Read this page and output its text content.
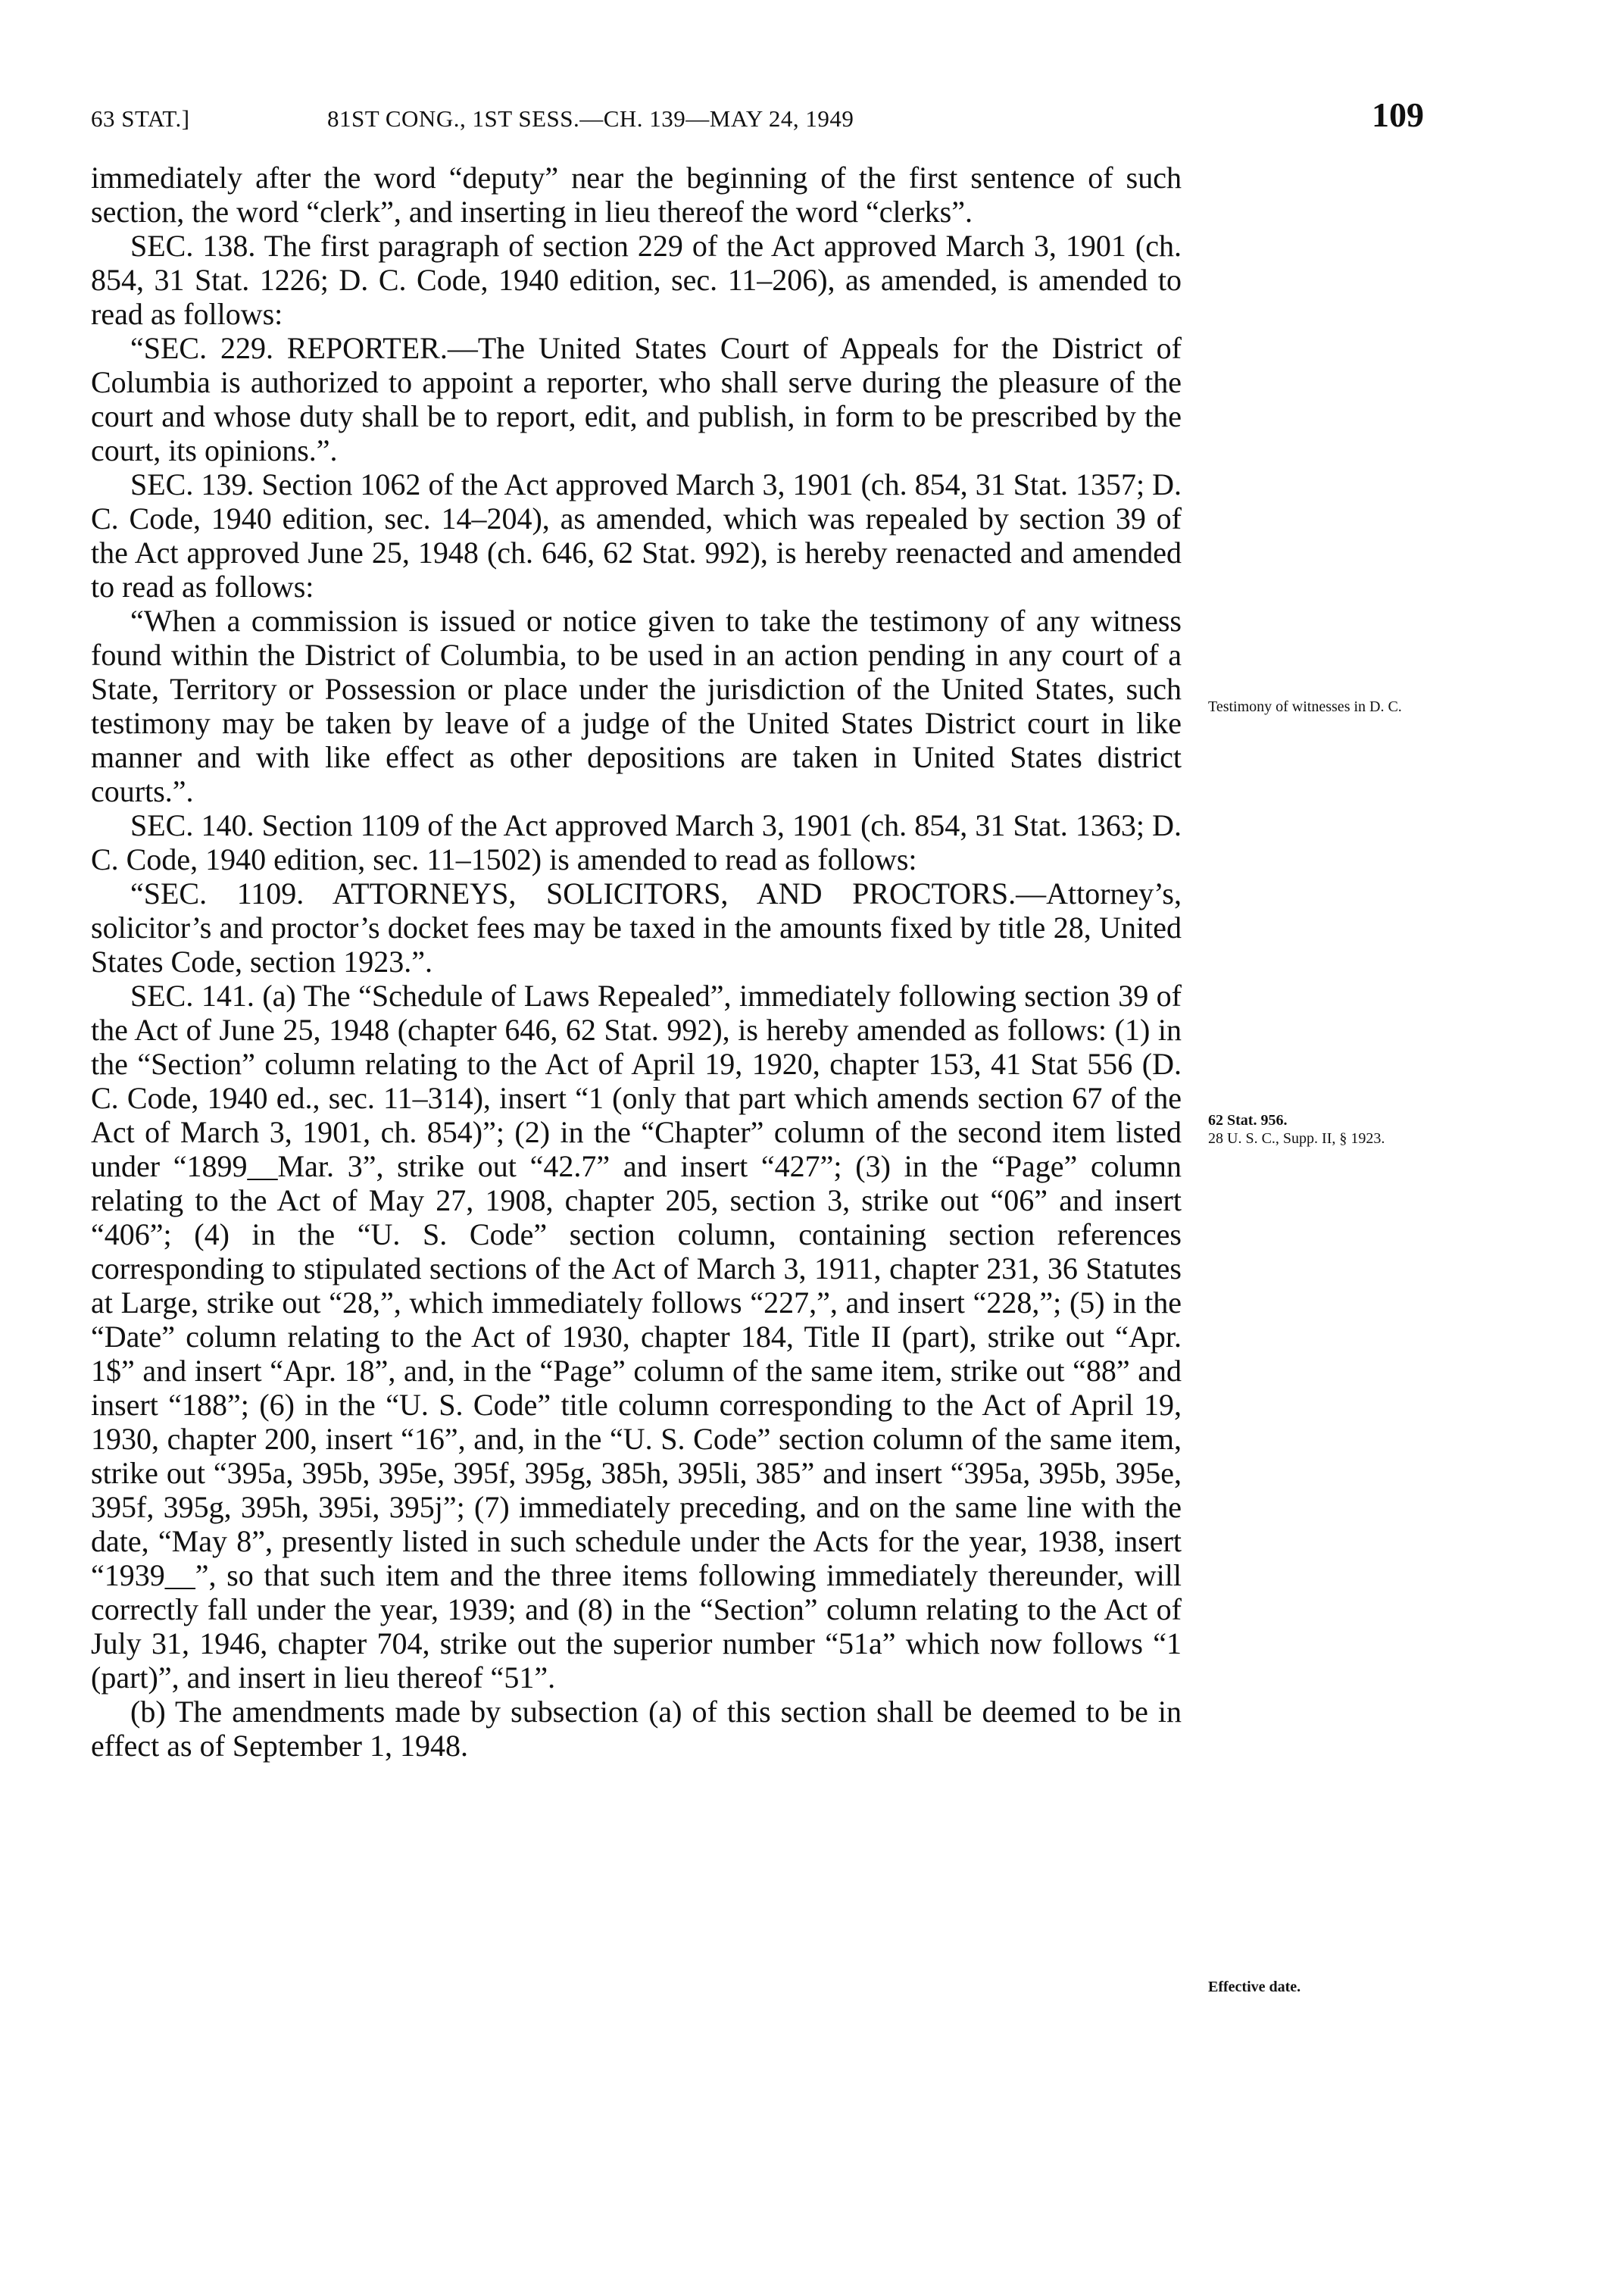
63 STAT.]	81ST CONG., 1ST SESS.—CH. 139—MAY 24, 1949	109

immediately after the word “deputy” near the beginning of the first sentence of such section, the word “clerk”, and inserting in lieu thereof the word “clerks”.

SEC. 138. The first paragraph of section 229 of the Act approved March 3, 1901 (ch. 854, 31 Stat. 1226; D. C. Code, 1940 edition, sec. 11–206), as amended, is amended to read as follows:

“SEC. 229. REPORTER.—The United States Court of Appeals for the District of Columbia is authorized to appoint a reporter, who shall serve during the pleasure of the court and whose duty shall be to report, edit, and publish, in form to be prescribed by the court, its opinions.”.

SEC. 139. Section 1062 of the Act approved March 3, 1901 (ch. 854, 31 Stat. 1357; D. C. Code, 1940 edition, sec. 14–204), as amended, which was repealed by section 39 of the Act approved June 25, 1948 (ch. 646, 62 Stat. 992), is hereby reenacted and amended to read as follows:

“When a commission is issued or notice given to take the testimony of any witness found within the District of Columbia, to be used in an action pending in any court of a State, Territory or Possession or place under the jurisdiction of the United States, such testimony may be taken by leave of a judge of the United States District court in like manner and with like effect as other depositions are taken in United States district courts.”.

SEC. 140. Section 1109 of the Act approved March 3, 1901 (ch. 854, 31 Stat. 1363; D. C. Code, 1940 edition, sec. 11–1502) is amended to read as follows:

“SEC. 1109. ATTORNEYS, SOLICITORS, AND PROCTORS.—Attorney’s, solicitor’s and proctor’s docket fees may be taxed in the amounts fixed by title 28, United States Code, section 1923.”.

SEC. 141. (a) The “Schedule of Laws Repealed”, immediately following section 39 of the Act of June 25, 1948 (chapter 646, 62 Stat. 992), is hereby amended as follows: (1) in the “Section” column relating to the Act of April 19, 1920, chapter 153, 41 Stat 556 (D. C. Code, 1940 ed., sec. 11–314), insert “1 (only that part which amends section 67 of the Act of March 3, 1901, ch. 854)”; (2) in the “Chapter” column of the second item listed under “1899__Mar. 3”, strike out “42.7” and insert “427”; (3) in the “Page” column relating to the Act of May 27, 1908, chapter 205, section 3, strike out “06” and insert “406”; (4) in the “U. S. Code” section column, containing section references corresponding to stipulated sections of the Act of March 3, 1911, chapter 231, 36 Statutes at Large, strike out “28,”, which immediately follows “227,”, and insert “228,”; (5) in the “Date” column relating to the Act of 1930, chapter 184, Title II (part), strike out “Apr. 1$” and insert “Apr. 18”, and, in the “Page” column of the same item, strike out “88” and insert “188”; (6) in the “U. S. Code” title column corresponding to the Act of April 19, 1930, chapter 200, insert “16”, and, in the “U. S. Code” section column of the same item, strike out “395a, 395b, 395e, 395f, 395g, 385h, 395li, 385” and insert “395a, 395b, 395e, 395f, 395g, 395h, 395i, 395j”; (7) immediately preceding, and on the same line with the date, “May 8”, presently listed in such schedule under the Acts for the year, 1938, insert “1939__”, so that such item and the three items following immediately thereunder, will correctly fall under the year, 1939; and (8) in the “Section” column relating to the Act of July 31, 1946, chapter 704, strike out the superior number “51a” which now follows “1 (part)”, and insert in lieu thereof “51”.

(b) The amendments made by subsection (a) of this section shall be deemed to be in effect as of September 1, 1948.

Testimony of witnesses in D. C.
62 Stat. 956.
28 U. S. C., Supp. II, § 1923.
Effective date.
